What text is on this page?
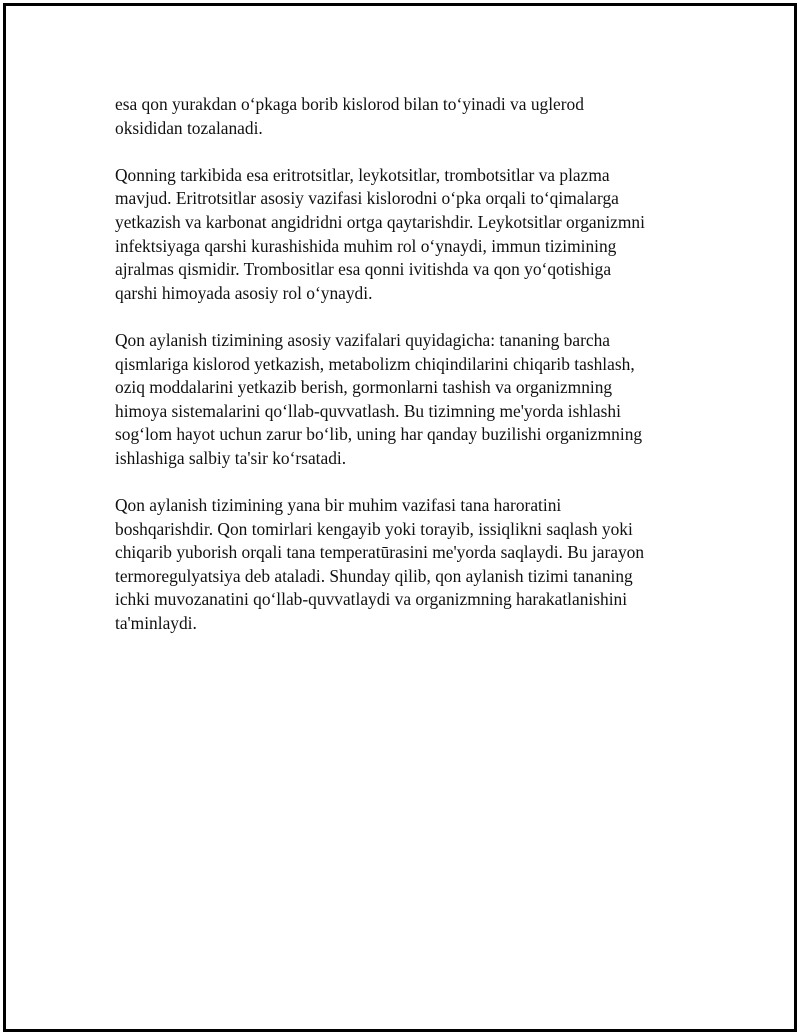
esa qon yurakdan o‘pkaga borib kislorod bilan to‘yinadi va uglerod
oksididan tozalanadi.

Qonning tarkibida esa eritrotsitlar, leykotsitlar, trombotsitlar va plazma
mavjud. Eritrotsitlar asosiy vazifasi kislorodni o‘pka orqali to‘qimalarga
yetkazish va karbonat angidridni ortga qaytarishdir. Leykotsitlar organizmni
infektsiyaga qarshi kurashishida muhim rol o‘ynaydi, immun tizimining
ajralmas qismidir. Trombositlar esa qonni ivitishda va qon yo‘qotishiga
qarshi himoyada asosiy rol o‘ynaydi.

Qon aylanish tizimining asosiy vazifalari quyidagicha: tananing barcha
qismlariga kislorod yetkazish, metabolizm chiqindilarini chiqarib tashlash,
oziq moddalarini yetkazib berish, gormonlarni tashish va organizmning
himoya sistemalarini qo‘llab-quvvatlash. Bu tizimning me'yorda ishlashi
sog‘lom hayot uchun zarur bo‘lib, uning har qanday buzilishi organizmning
ishlashiga salbiy ta'sir ko‘rsatadi.

Qon aylanish tizimining yana bir muhim vazifasi tana haroratini
boshqarishdir. Qon tomirlari kengayib yoki torayib, issiqlikni saqlash yoki
chiqarib yuborish orqali tana temperatūrasini me'yorda saqlaydi. Bu jarayon
termoregulyatsiya deb ataladi. Shunday qilib, qon aylanish tizimi tananing
ichki muvozanatini qo‘llab-quvvatlaydi va organizmning harakatlanishini
ta'minlaydi.
